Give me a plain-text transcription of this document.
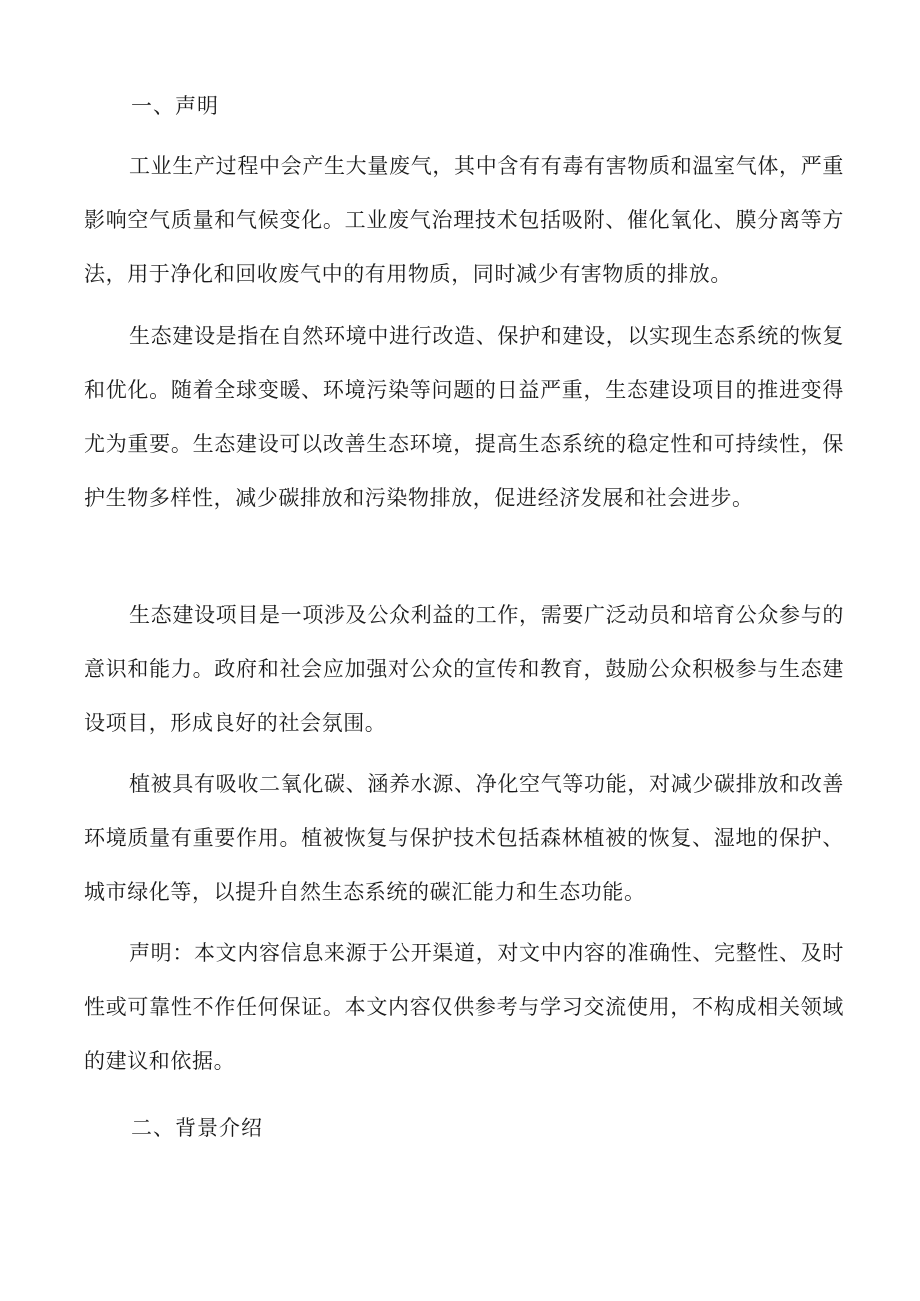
一、声明

工业生产过程中会产生大量废气，其中含有有毒有害物质和温室气体，严重影响空气质量和气候变化。工业废气治理技术包括吸附、催化氧化、膜分离等方法，用于净化和回收废气中的有用物质，同时减少有害物质的排放。

生态建设是指在自然环境中进行改造、保护和建设，以实现生态系统的恢复和优化。随着全球变暖、环境污染等问题的日益严重，生态建设项目的推进变得尤为重要。生态建设可以改善生态环境，提高生态系统的稳定性和可持续性，保护生物多样性，减少碳排放和污染物排放，促进经济发展和社会进步。

生态建设项目是一项涉及公众利益的工作，需要广泛动员和培育公众参与的意识和能力。政府和社会应加强对公众的宣传和教育，鼓励公众积极参与生态建设项目，形成良好的社会氛围。

植被具有吸收二氧化碳、涵养水源、净化空气等功能，对减少碳排放和改善环境质量有重要作用。植被恢复与保护技术包括森林植被的恢复、湿地的保护、城市绿化等，以提升自然生态系统的碳汇能力和生态功能。

声明：本文内容信息来源于公开渠道，对文中内容的准确性、完整性、及时性或可靠性不作任何保证。本文内容仅供参考与学习交流使用，不构成相关领域的建议和依据。

二、背景介绍
